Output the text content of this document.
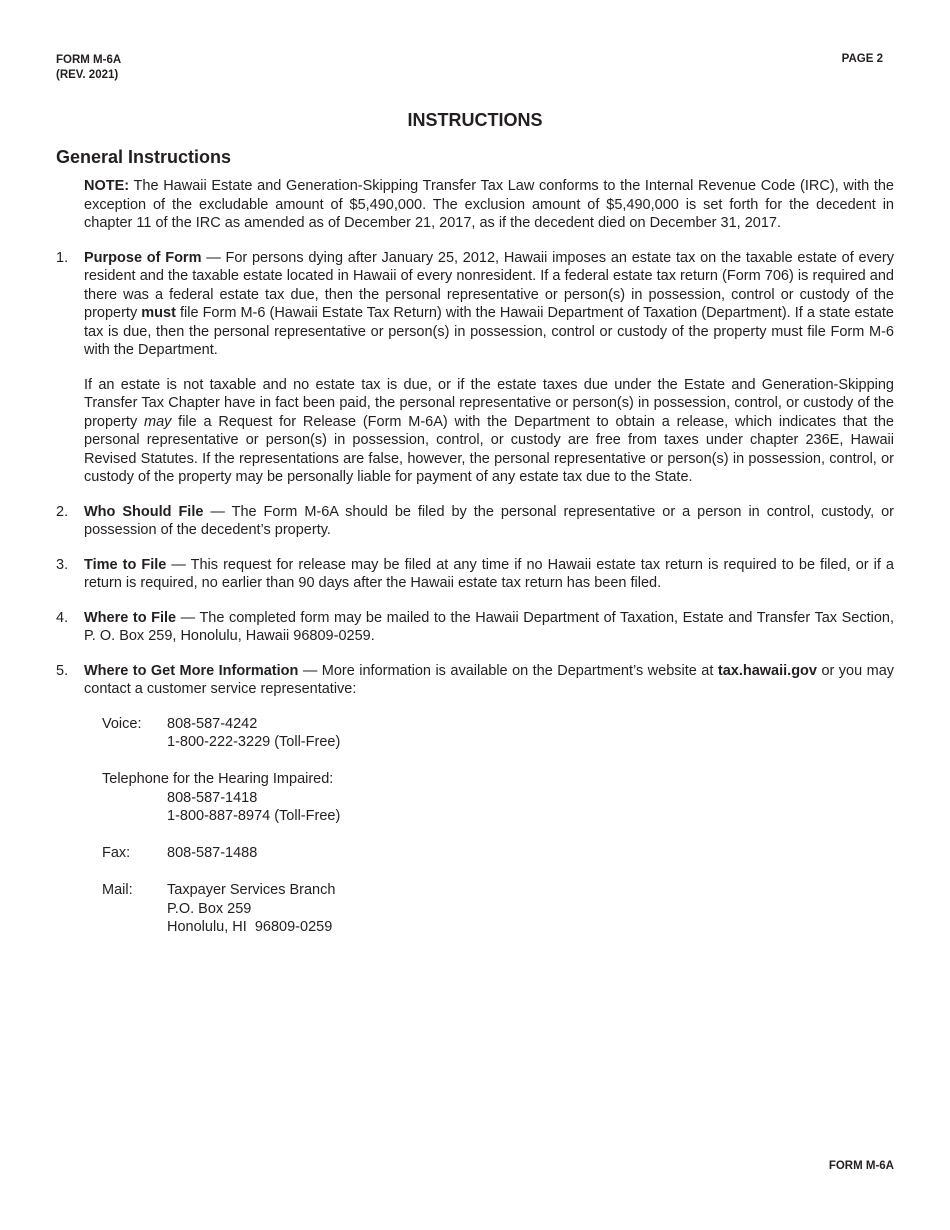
FORM M-6A
(REV. 2021)
PAGE 2
INSTRUCTIONS
General Instructions

NOTE: The Hawaii Estate and Generation-Skipping Transfer Tax Law conforms to the Internal Revenue Code (IRC), with the exception of the excludable amount of $5,490,000. The exclusion amount of $5,490,000 is set forth for the decedent in chapter 11 of the IRC as amended as of December 21, 2017, as if the decedent died on December 31, 2017.

1. Purpose of Form — For persons dying after January 25, 2012, Hawaii imposes an estate tax on the taxable estate of every resident and the taxable estate located in Hawaii of every nonresident. If a federal estate tax return (Form 706) is required and there was a federal estate tax due, then the personal representative or person(s) in possession, control or custody of the property must file Form M-6 (Hawaii Estate Tax Return) with the Hawaii Department of Taxation (Department). If a state estate tax is due, then the personal representative or person(s) in possession, control or custody of the property must file Form M-6 with the Department.

If an estate is not taxable and no estate tax is due, or if the estate taxes due under the Estate and Generation-Skipping Transfer Tax Chapter have in fact been paid, the personal representative or person(s) in possession, control, or custody of the property may file a Request for Release (Form M-6A) with the Department to obtain a release, which indicates that the personal representative or person(s) in possession, control, or custody are free from taxes under chapter 236E, Hawaii Revised Statutes. If the representations are false, however, the personal representative or person(s) in possession, control, or custody of the property may be personally liable for payment of any estate tax due to the State.

2. Who Should File — The Form M-6A should be filed by the personal representative or a person in control, custody, or possession of the decedent’s property.

3. Time to File — This request for release may be filed at any time if no Hawaii estate tax return is required to be filed, or if a return is required, no earlier than 90 days after the Hawaii estate tax return has been filed.

4. Where to File — The completed form may be mailed to the Hawaii Department of Taxation, Estate and Transfer Tax Section, P. O. Box 259, Honolulu, Hawaii 96809-0259.

5. Where to Get More Information — More information is available on the Department’s website at tax.hawaii.gov or you may contact a customer service representative:

Voice:	808-587-4242
1-800-222-3229 (Toll-Free)
Telephone for the Hearing Impaired:
808-587-1418
1-800-887-8974 (Toll-Free)
Fax:	808-587-1488
Mail:	Taxpayer Services Branch
P.O. Box 259
Honolulu, HI  96809-0259
FORM M-6A
